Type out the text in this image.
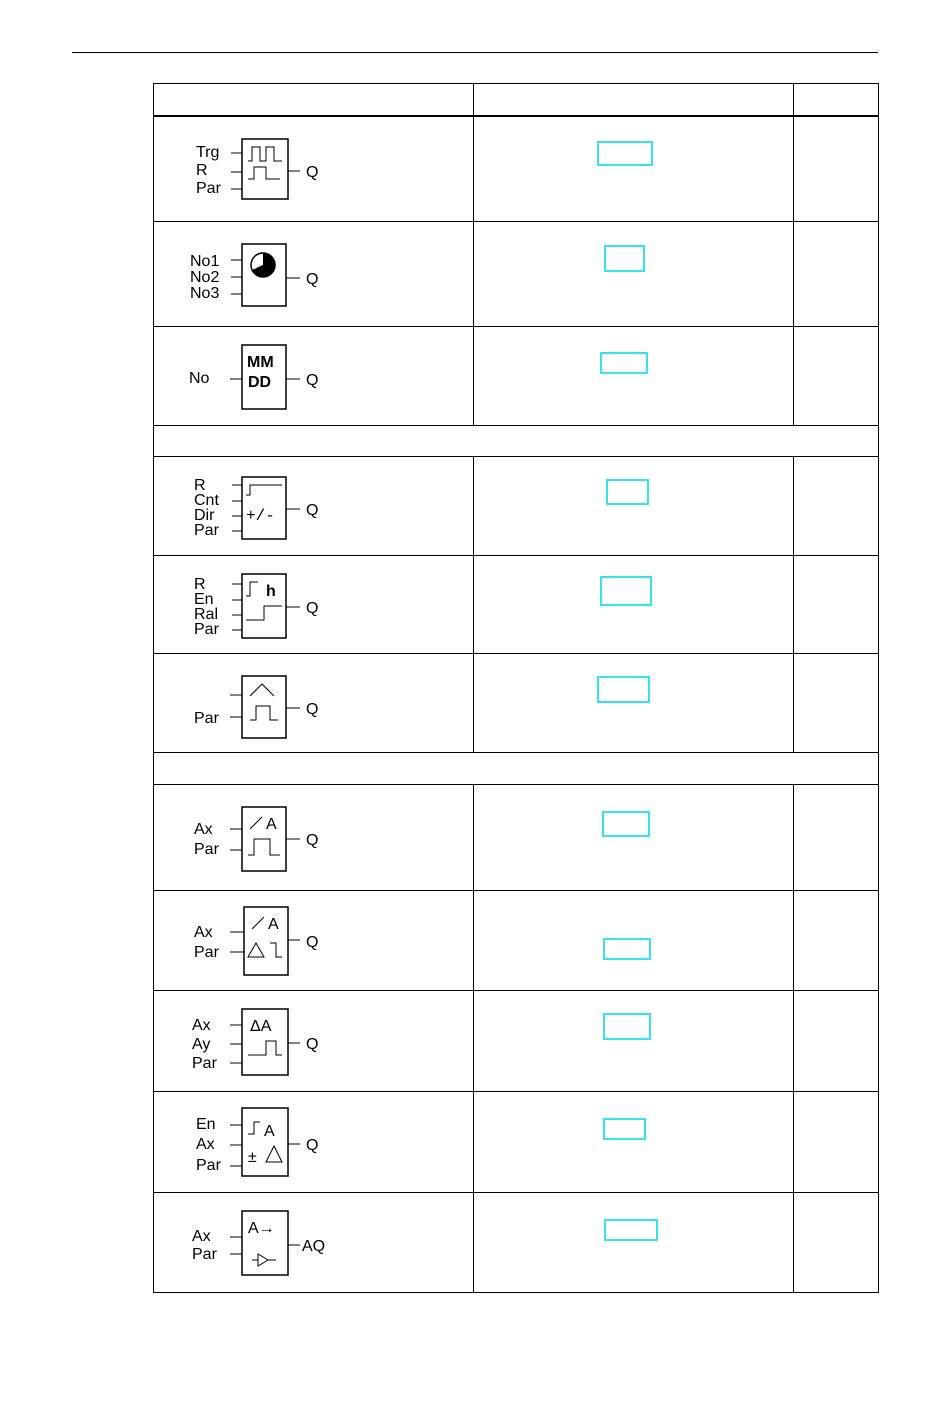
Trg
R
Par
Q
No1
No2
No3
Q
No
MM
DD Q
R
Cnt
Dir
Par
+/- Q
R
En
Ral
Par
h
Q
Par
Q
Ax
Par
A
Q
Ax
Par
A
Q
Ax
Ay
Par
ΔA
Q
En
Ax
Par
A
±
Q
Ax
Par
A→
AQ
